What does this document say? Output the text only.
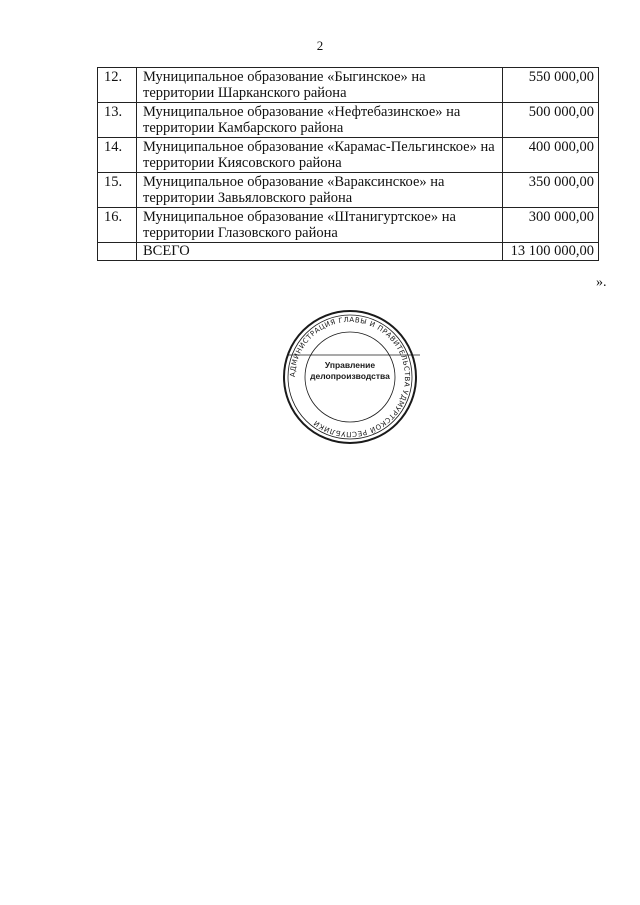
2
12.	Муниципальное образование «Быгинское» на территории Шарканского района	550 000,00
13.	Муниципальное образование «Нефтебазинское» на территории Камбарского района	500 000,00
14.	Муниципальное образование «Карамас-Пельгинское» на территории Киясовского района	400 000,00
15.	Муниципальное образование «Вараксинское» на территории Завьяловского района	350 000,00
16.	Муниципальное образование «Штанигуртское» на территории Глазовского района	300 000,00
	ВСЕГО	13 100 000,00
».
АДМИНИСТРАЦИЯ ГЛАВЫ И ПРАВИТЕЛЬСТВА УДМУРТСКОЙ РЕСПУБЛИКИ
Управление
делопроизводства
